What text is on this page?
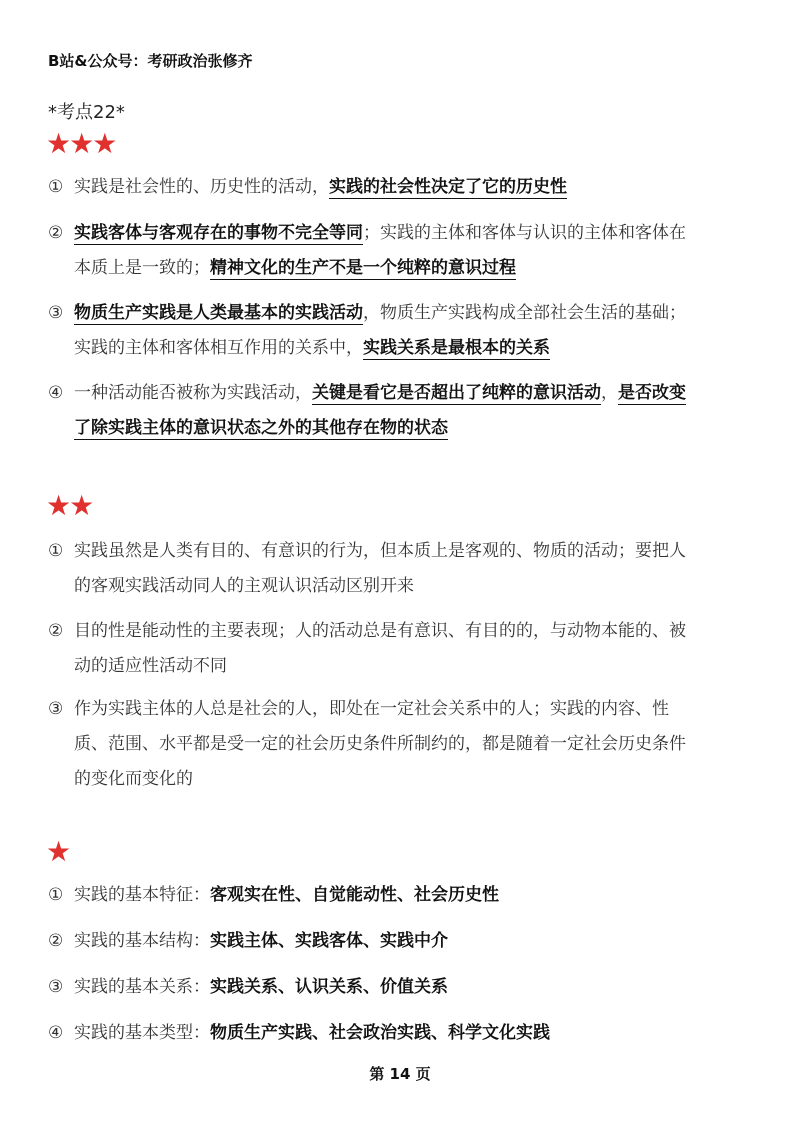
B站&公众号：考研政治张修齐
*考点22*
★★★
① 实践是社会性的、历史性的活动，实践的社会性决定了它的历史性
② 实践客体与客观存在的事物不完全等同；实践的主体和客体与认识的主体和客体在
本质上是一致的；精神文化的生产不是一个纯粹的意识过程
③ 物质生产实践是人类最基本的实践活动，物质生产实践构成全部社会生活的基础；
实践的主体和客体相互作用的关系中，实践关系是最根本的关系
④ 一种活动能否被称为实践活动，关键是看它是否超出了纯粹的意识活动，是否改变
了除实践主体的意识状态之外的其他存在物的状态
★★
① 实践虽然是人类有目的、有意识的行为，但本质上是客观的、物质的活动；要把人
的客观实践活动同人的主观认识活动区别开来
② 目的性是能动性的主要表现；人的活动总是有意识、有目的的，与动物本能的、被
动的适应性活动不同
③ 作为实践主体的人总是社会的人，即处在一定社会关系中的人；实践的内容、性
质、范围、水平都是受一定的社会历史条件所制约的，都是随着一定社会历史条件
的变化而变化的
★
① 实践的基本特征：客观实在性、自觉能动性、社会历史性
② 实践的基本结构：实践主体、实践客体、实践中介
③ 实践的基本关系：实践关系、认识关系、价值关系
④ 实践的基本类型：物质生产实践、社会政治实践、科学文化实践
第 14 页
